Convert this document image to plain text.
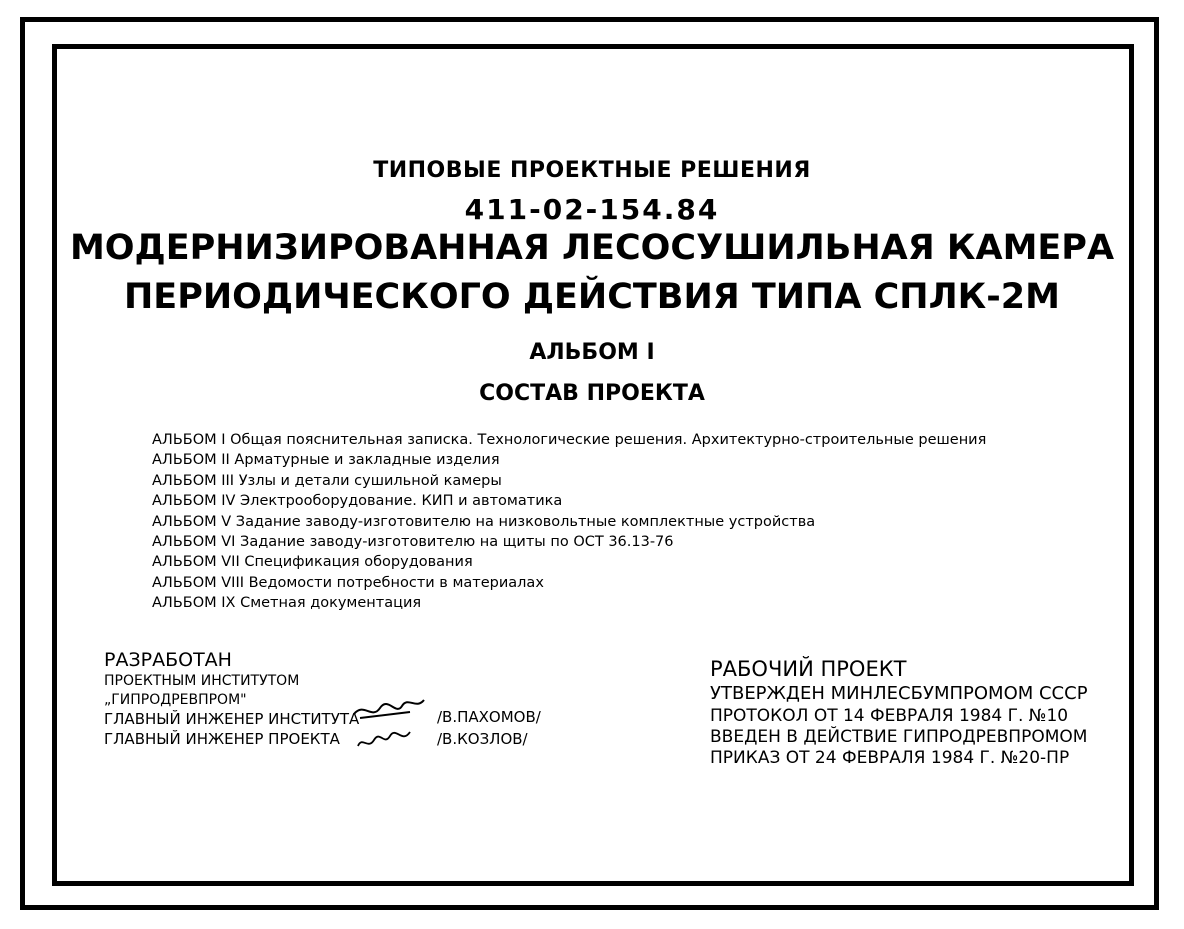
ТИПОВЫЕ ПРОЕКТНЫЕ РЕШЕНИЯ
411-02-154.84
МОДЕРНИЗИРОВАННАЯ ЛЕСОСУШИЛЬНАЯ КАМЕРА
ПЕРИОДИЧЕСКОГО ДЕЙСТВИЯ ТИПА СПЛК-2М
АЛЬБОМ I
СОСТАВ ПРОЕКТА
АЛЬБОМ I Общая пояснительная записка. Технологические решения. Архитектурно-строительные решения
АЛЬБОМ II Арматурные и закладные изделия
АЛЬБОМ III Узлы и детали сушильной камеры
АЛЬБОМ IV Электрооборудование. КИП и автоматика
АЛЬБОМ V Задание заводу-изготовителю на низковольтные комплектные устройства
АЛЬБОМ VI Задание заводу-изготовителю на щиты по ОСТ 36.13-76
АЛЬБОМ VII Спецификация оборудования
АЛЬБОМ VIII Ведомости потребности в материалах
АЛЬБОМ IX Сметная документация
РАЗРАБОТАН
ПРОЕКТНЫМ ИНСТИТУТОМ
„ГИПРОДРЕВПРОМ"
ГЛАВНЫЙ ИНЖЕНЕР ИНСТИТУТА
ГЛАВНЫЙ ИНЖЕНЕР ПРОЕКТА
/В.ПАХОМОВ/
/В.КОЗЛОВ/
РАБОЧИЙ ПРОЕКТ
УТВЕРЖДЕН МИНЛЕСБУМПРОМОМ СССР
ПРОТОКОЛ ОТ 14 ФЕВРАЛЯ 1984 Г. №10
ВВЕДЕН В ДЕЙСТВИЕ ГИПРОДРЕВПРОМОМ
ПРИКАЗ ОТ 24 ФЕВРАЛЯ 1984 Г. №20-ПР
